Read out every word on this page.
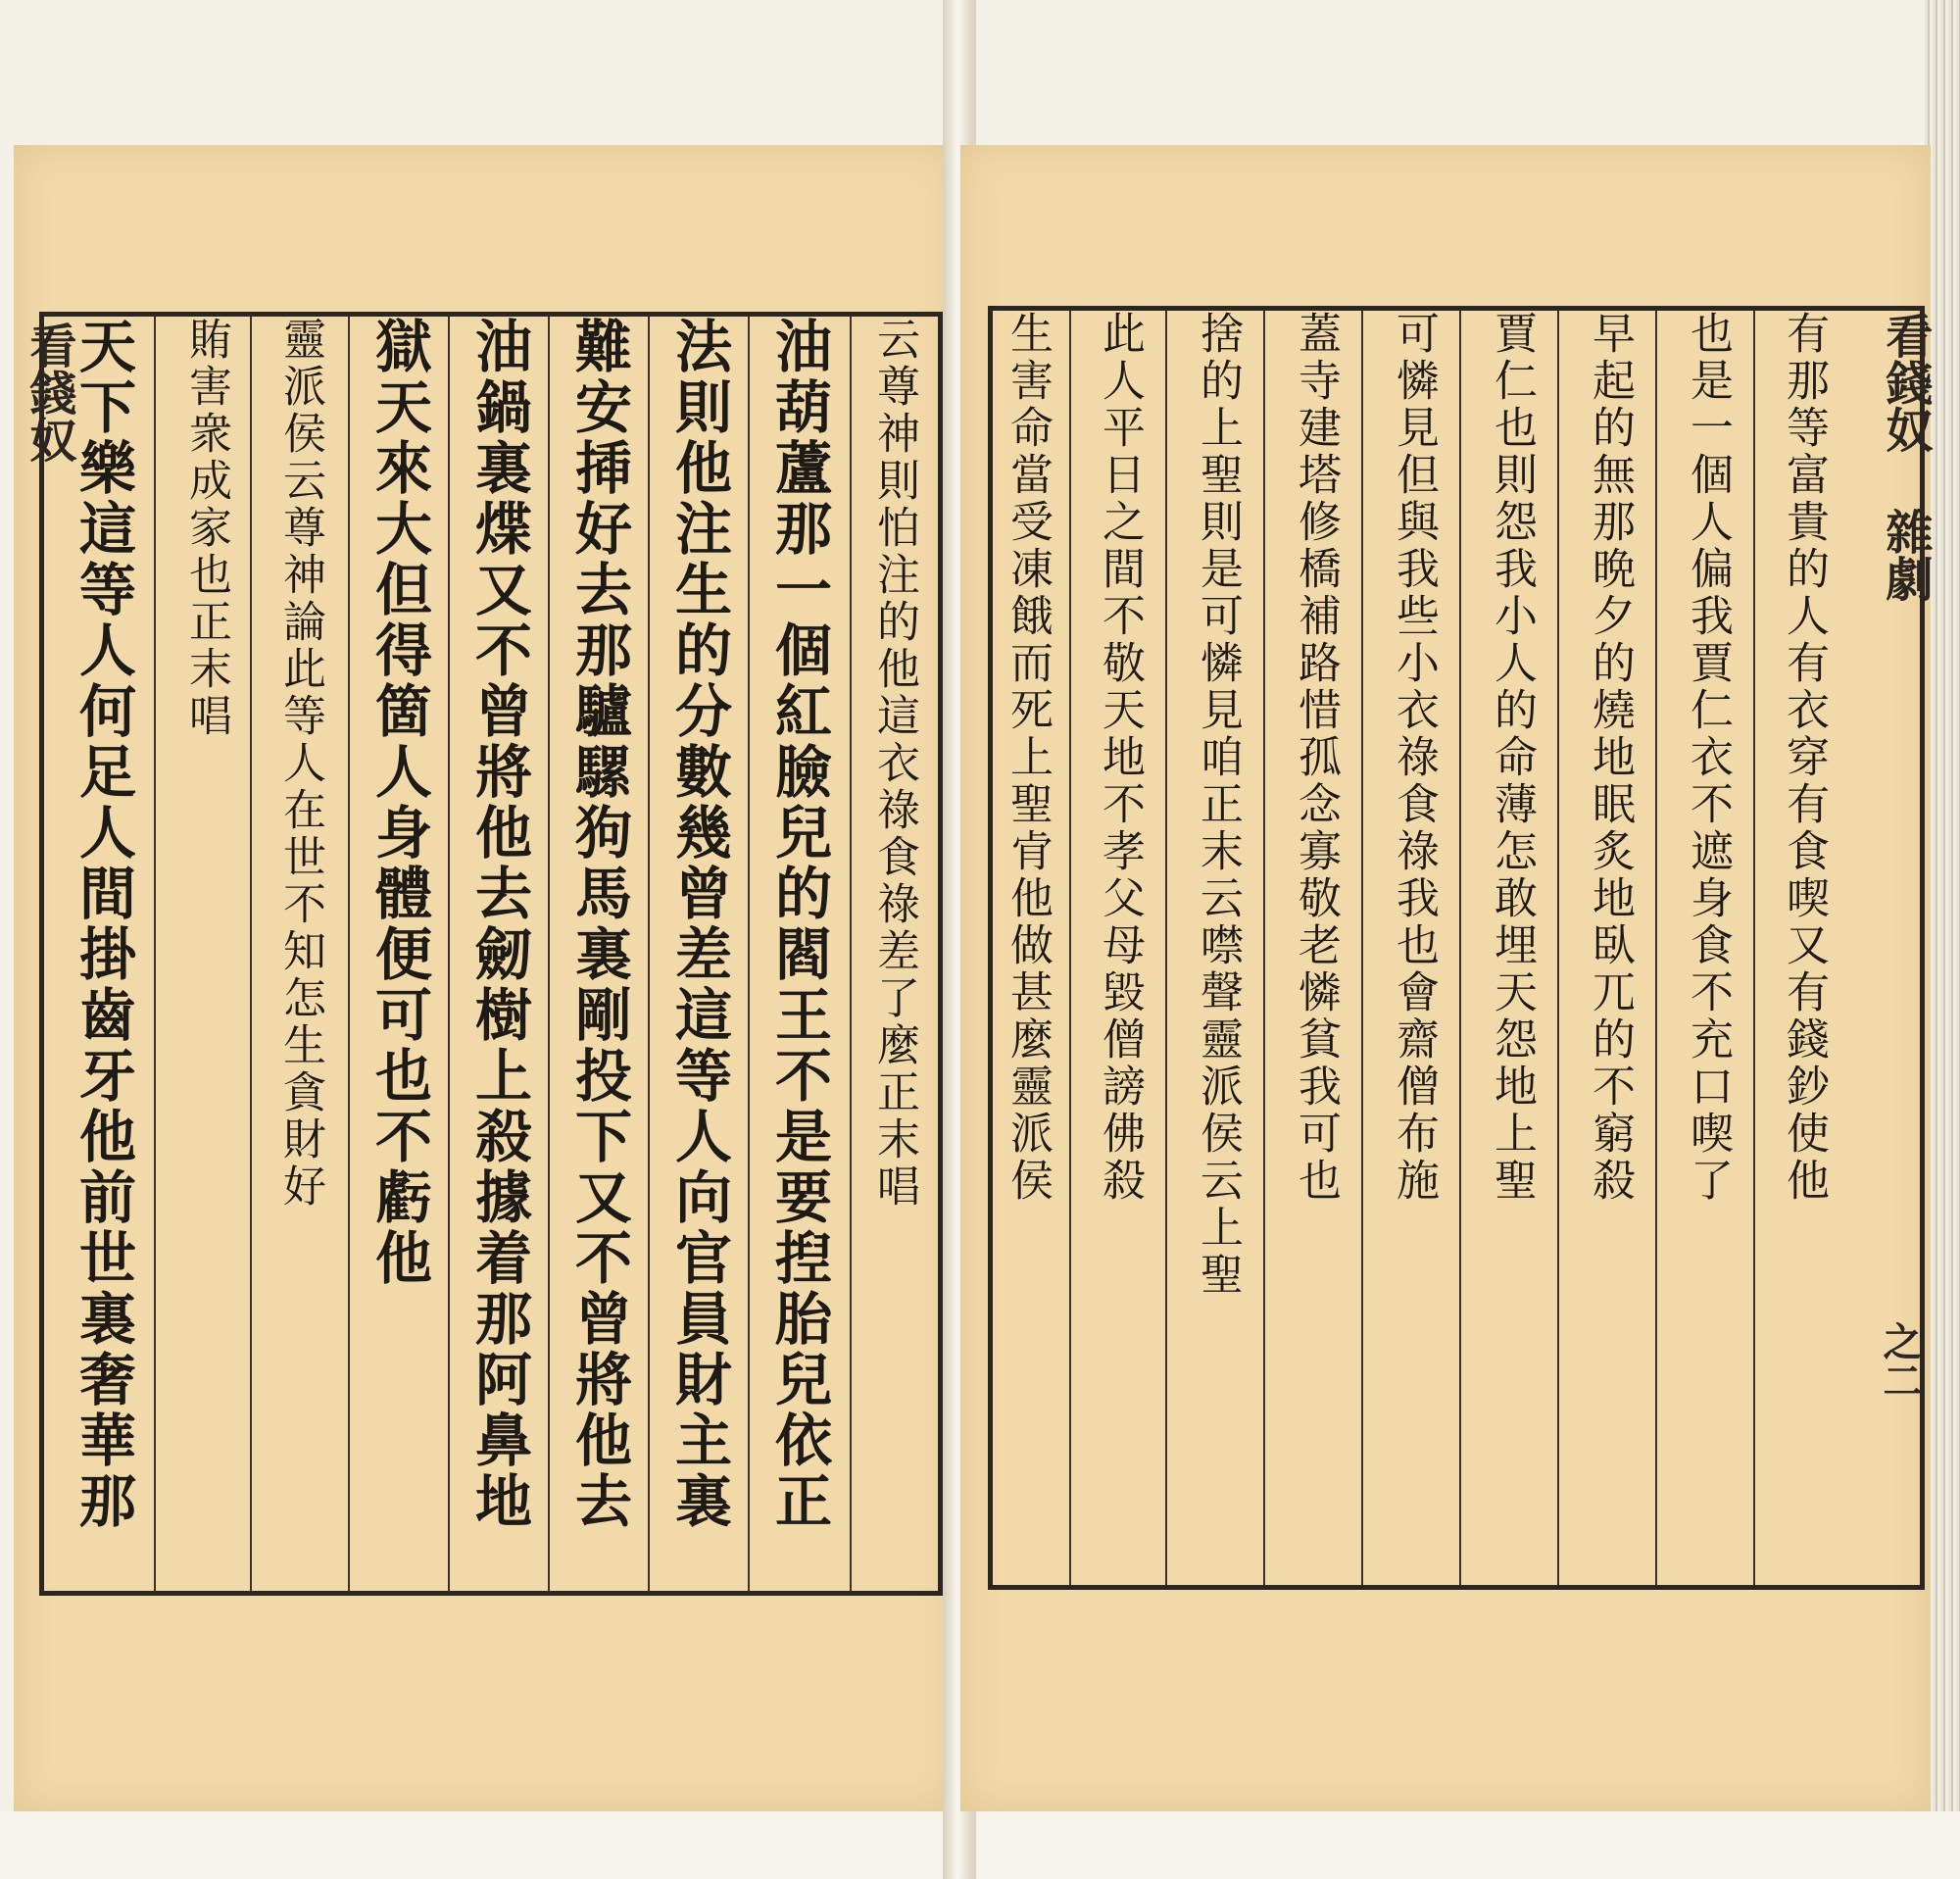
云尊神則怕注的他這衣祿食祿差了麼正末唱
油葫蘆那一個紅臉兒的閻王不是要揑胎兒依正
法則他注生的分數幾曾差這等人向官員財主裏
難安揷好去那驢騾狗馬裏剛投下又不曾將他去
油鍋裏煠又不曾將他去劒樹上殺據着那阿鼻地
獄天來大但得箇人身體便可也不虧他
靈派侯云尊神論此等人在世不知怎生貪財好
賄害衆成家也正末唱
天下樂這等人何足人間掛齒牙他前世裏奢華那
看錢奴	有那等富貴的人有衣穿有食喫又有錢鈔使他
也是一個人偏我賈仁衣不遮身食不充口喫了
早起的無那晩夕的燒地眠炙地臥兀的不窮殺
賈仁也則怨我小人的命薄怎敢埋天怨地上聖
可憐見但與我些小衣祿食祿我也會齋僧布施
蓋寺建塔修橋補路惜孤念寡敬老憐貧我可也
捨的上聖則是可憐見咱正末云噤聲靈派侯云上聖
此人平日之間不敬天地不孝父母毀僧謗佛殺
生害命當受凍餓而死上聖肻他做甚麼靈派侯	看錢奴 雜劇
之二
